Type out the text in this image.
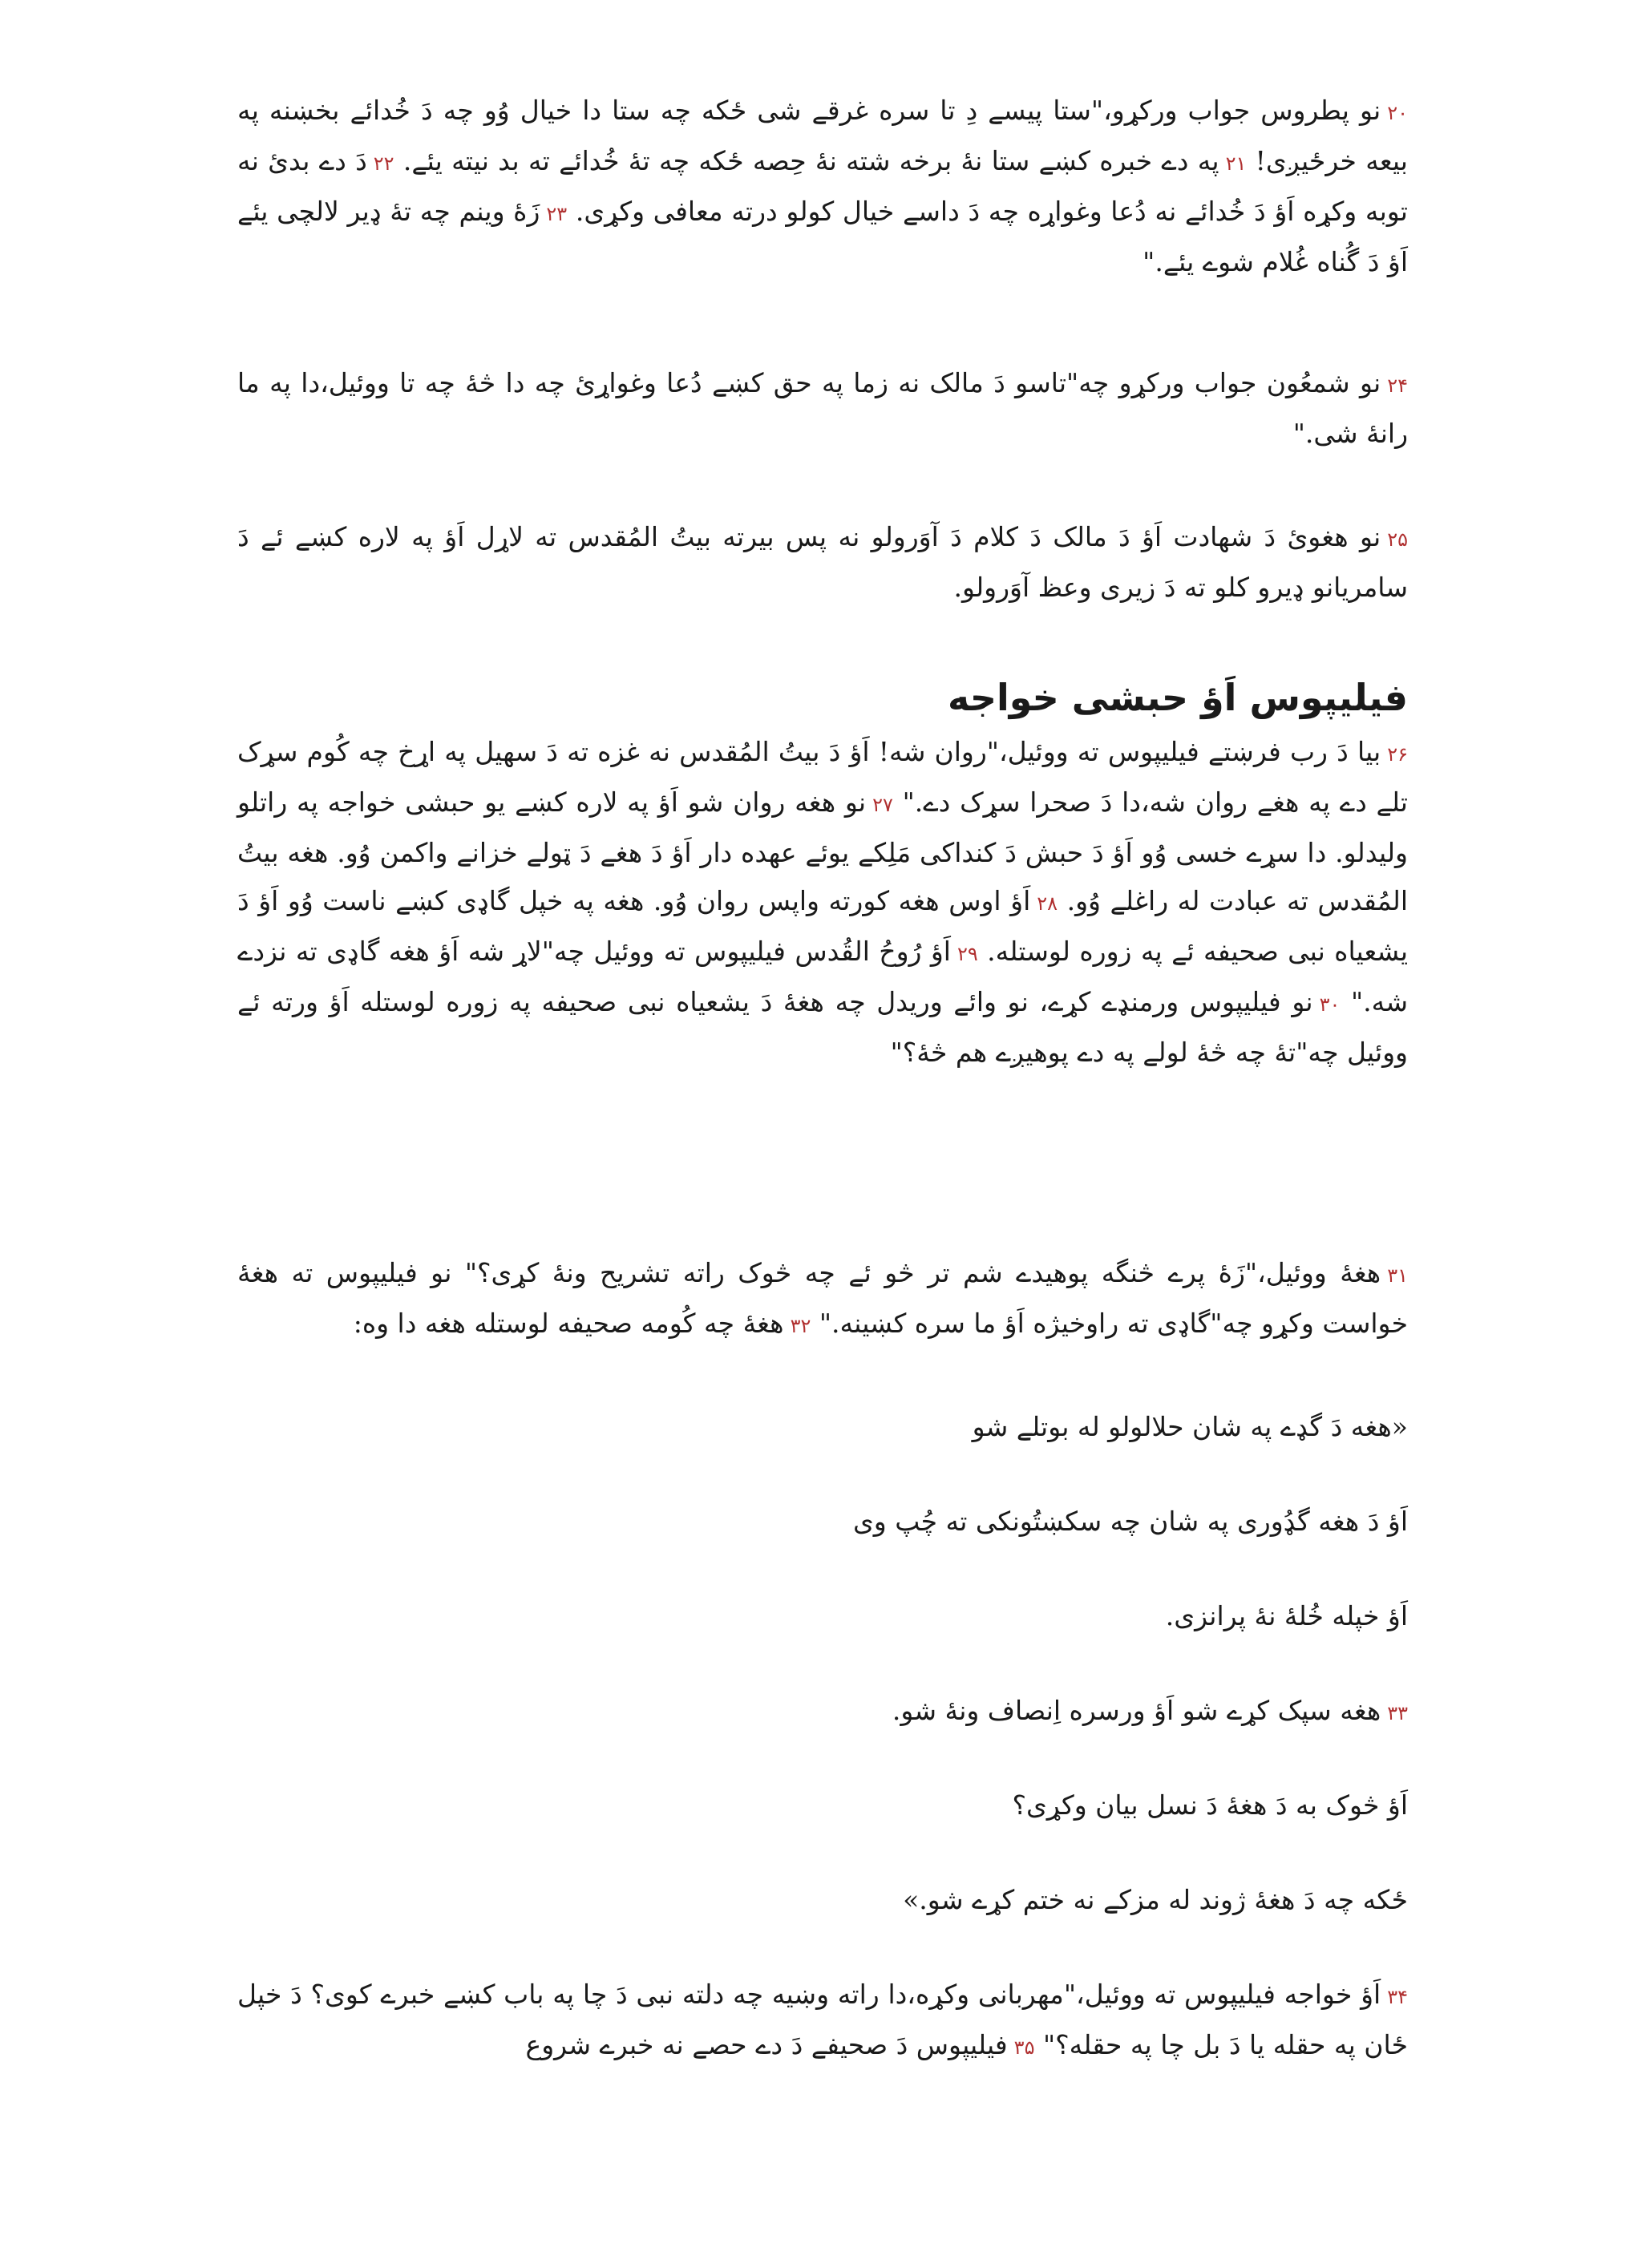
۲۰نو پطروس جواب ورکړو،"ستا پیسے دِ تا سره غرقے شی ځکه چه ستا دا خیال وُو چه دَ خُدائے بخښنه په بیعه خرځیږی! ۲۱په دے خبره کښے ستا نۀ برخه شته نۀ حِصه ځکه چه تۀ خُدائے ته بد نیته یئے. ۲۲دَ دے بدئ نه توبه وکړه اَؤ دَ خُدائے نه دُعا وغواړه چه دَ داسے خیال کولو درته معافی وکړی. ۲۳زَۀ وینم چه تۀ ډیر لالچی یئے اَؤ دَ گُناه غُلام شوے یئے."

۲۴نو شمعُون جواب ورکړو چه"تاسو دَ مالک نه زما په حق کښے دُعا وغواړئ چه دا څۀ چه تا ووئیل،دا په ما رانۀ شی."

۲۵نو هغوئ دَ شهادت اَؤ دَ مالک دَ کلام دَ آوَرولو نه پس بیرته بیتُ المُقدس ته لاړل اَؤ په لاره کښے ئے دَ سامریانو ډیرو کلو ته دَ زیری وعظ آوَرولو.

فیلیپوس اَؤ حبشی خواجه

۲۶بیا دَ رب فرښتے فیلیپوس ته ووئیل،"روان شه! اَؤ دَ بیتُ المُقدس نه غزه ته دَ سهیل په اړخ چه کُوم سړک تلے دے په هغے روان شه،دا دَ صحرا سړک دے." ۲۷نو هغه روان شو اَؤ په لاره کښے یو حبشی خواجه په راتلو ولیدلو. دا سړے خسی وُو اَؤ دَ حبش دَ کنداکی مَلِکے یوئے عهده دار اَؤ دَ هغے دَ ټولے خزانے واکمن وُو. هغه بیتُ المُقدس ته عبادت له راغلے وُو. ۲۸اَؤ اوس هغه کورته واپس روان وُو. هغه په خپل گاډی کښے ناست وُو اَؤ دَ یشعیاه نبی صحیفه ئے په زوره لوستله. ۲۹اَؤ رُوحُ القُدس فیلیپوس ته ووئیل چه"لاړ شه اَؤ هغه گاډی ته نزدے شه." ۳۰نو فیلیپوس ورمنډے کړے، نو وائے وریدل چه هغۀ دَ یشعیاه نبی صحیفه په زوره لوستله اَؤ ورته ئے ووئیل چه"تۀ چه څۀ لولے په دے پوهیږے هم څۀ؟"

۳۱هغۀ ووئیل،"زَۀ پرے څنگه پوهیدے شم تر څو ئے چه څوک راته تشریح ونۀ کړی؟" نو فیلیپوس ته هغۀ خواست وکړو چه"گاډی ته راوخیژه اَؤ ما سره کښینه." ۳۲هغۀ چه کُومه صحیفه لوستله هغه دا وه:

«هغه دَ گډے په شان حلالولو له بوتلے شو

اَؤ دَ هغه گډُوری په شان چه سکښتُونکی ته چُپ وی

اَؤ خپله خُلهٔ نۀ پرانزی.

۳۳هغه سپک کړے شو اَؤ ورسره اِنصاف ونۀ شو.

اَؤ څوک به دَ هغۀ دَ نسل بیان وکړی؟

ځکه چه دَ هغۀ ژوند له مزکے نه ختم کړے شو.»

۳۴اَؤ خواجه فیلیپوس ته ووئیل،"مهربانی وکړه،دا راته وښیه چه دلته نبی دَ چا په باب کښے خبرے کوی؟ دَ خپل ځان په حقله یا دَ بل چا په حقله؟" ۳۵فیلیپوس دَ صحیفے دَ دے حصے نه خبرے شروع
